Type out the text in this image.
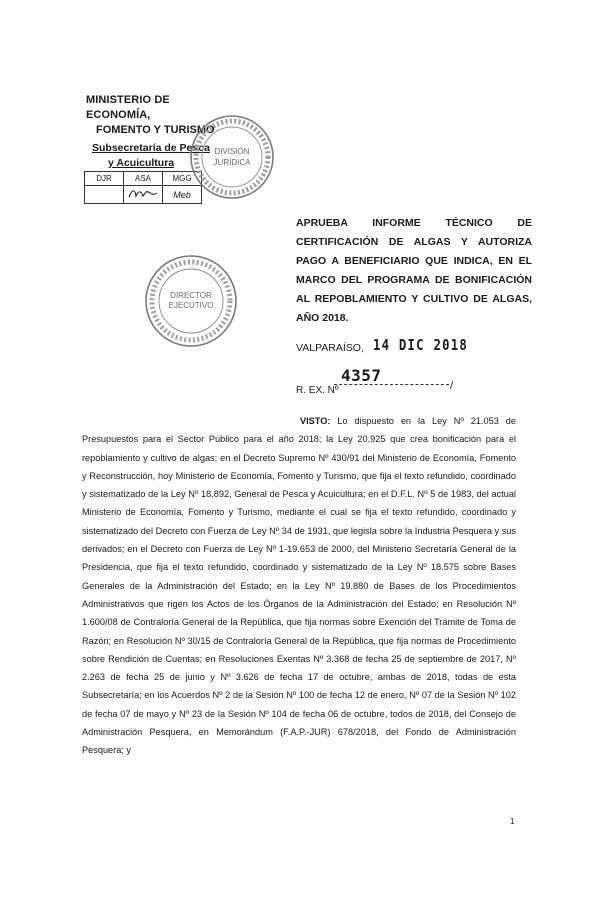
MINISTERIO DE ECONOMÍA,
FOMENTO Y TURISMO
Subsecretaría de Pesca
y Acuicultura
DJR	ASA	MGG
		Meb
DIVISIÓN
JURÍDICA
DIRECTOR
EJECUTIVO
APRUEBA INFORME TÉCNICO DE CERTIFICACIÓN DE ALGAS Y AUTORIZA PAGO A BENEFICIARIO QUE INDICA, EN EL MARCO DEL PROGRAMA DE BONIFICACIÓN AL REPOBLAMIENTO Y CULTIVO DE ALGAS, AÑO 2018.
VALPARAÍSO, 14 DIC 2018
R. EX. Nº
4357
/
VISTO: Lo dispuesto en la Ley Nº 21.053 de Presupuestos para el Sector Público para el año 2018; la Ley 20.925 que crea bonificación para el repoblamiento y cultivo de algas; en el Decreto Supremo Nº 430/91 del Ministerio de Economía, Fomento y Reconstrucción, hoy Ministerio de Economía, Fomento y Turismo, que fija el texto refundido, coordinado y sistematizado de la Ley Nº 18.892, General de Pesca y Acuicultura; en el D.F.L. Nº 5 de 1983, del actual Ministerio de Economía, Fomento y Turismo, mediante el cual se fija el texto refundido, coordinado y sistematizado del Decreto con Fuerza de Ley Nº 34 de 1931, que legisla sobre la Industria Pesquera y sus derivados; en el Decreto con Fuerza de Ley Nº 1-19.653 de 2000, del Ministerio Secretaría General de la Presidencia, que fija el texto refundido, coordinado y sistematizado de la Ley Nº 18.575 sobre Bases Generales de la Administración del Estado; en la Ley Nº 19.880 de Bases de los Procedimientos Administrativos que rigen los Actos de los Órganos de la Administración del Estado; en Resolución Nº 1.600/08 de Contraloría General de la República, que fija normas sobre Exención del Trámite de Toma de Razón; en Resolución Nº 30/15 de Contraloría General de la República, que fija normas de Procedimiento sobre Rendición de Cuentas; en Resoluciones Exentas Nº 3.368 de fecha 25 de septiembre de 2017, Nº 2.263 de fecha 25 de junio y Nº 3.626 de fecha 17 de octubre, ambas de 2018, todas de esta Subsecretaría; en los Acuerdos Nº 2 de la Sesión Nº 100 de fecha 12 de enero, Nº 07 de la Sesión Nº 102 de fecha 07 de mayo y Nº 23 de la Sesión Nº 104 de fecha 06 de octubre, todos de 2018, del Consejo de Administración Pesquera, en Memorándum (F.A.P.-JUR) 678/2018, del Fondo de Administración Pesquera; y
1
